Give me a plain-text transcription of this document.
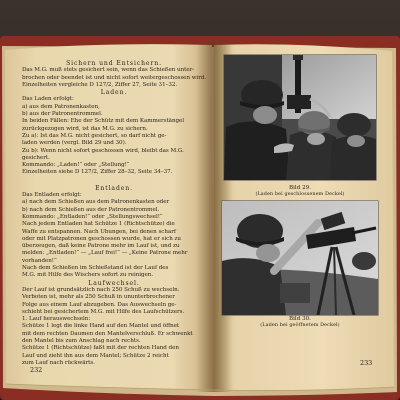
Sichern und Entsichern.
Das M.G. muß stets gesichert sein, wenn das Schießen unter-
brochen oder beendet ist und nicht sofort weitergeschossen wird.
Einzelheiten vergleiche D 127/2, Ziffer 27, Seite 31–32.
Laden.
Das Laden erfolgt:
a) aus dem Patronenkasten,
b) aus der Patronentrommel.
In beiden Fällen: Ehe der Schütz mit dem Kammerstängel
zurückgezogen wird, ist das M.G. zu sichern.
Zu a): Ist das M.G. nicht gesichert, so darf nicht ge-
laden werden (vergl. Bild 29 und 30).
Zu b): Wenn nicht sofort geschossen wird, bleibt das M.G.
gesichert.
Kommando: „Laden!“ oder „Stellung!“
Einzelheiten siehe D 127/2, Ziffer 28–32, Seite 34–37.
Entladen.
Das Entladen erfolgt:
a) nach dem Schießen aus dem Patronenkasten oder
b) nach dem Schießen aus der Patronentrommel.
Kommando: „Entladen!“ oder „Stellungswechsel!“
Nach jedem Entladen hat Schütze 1 (Richtschütze) die
Waffe zu entspannen. Nach Übungen, bei denen scharf
oder mit Platzpatronen geschossen wurde, hat er sich zu
überzeugen, daß keine Patrone mehr im Lauf ist, und zu
melden: „Entladen!“ — „Lauf frei!“ — „Keine Patrone mehr
vorhanden!“
Nach dem Schießen im Schießstand ist der Lauf des
M.G. mit Hilfe des Wischers sofort zu reinigen.
Laufwechsel.
Der Lauf ist grundsätzlich nach 250 Schuß zu wechseln.
Verboten ist, mehr als 250 Schuß in ununterbrochener
Folge aus einem Lauf abzugeben. Das Auswechseln ge-
schieht bei gesichertem M.G. mit Hilfe des Laufschützers.
1. Lauf herauswechseln:
Schütze 1 legt die linke Hand auf den Mantel und öffnet
mit dem rechten Daumen den Mantelverschluß. Er schwenkt
den Mantel bis zum Anschlag nach rechts.
Schütze 1 (Richtschütze) faßt mit der rechten Hand den
Lauf und zieht ihn aus dem Mantel; Schütze 2 reicht
zum Lauf nach rückwärts.
232
Bild 29.
(Laden bei geschlossenem Deckel)
Bild 30.
(Laden bei geöffnetem Deckel)
233
